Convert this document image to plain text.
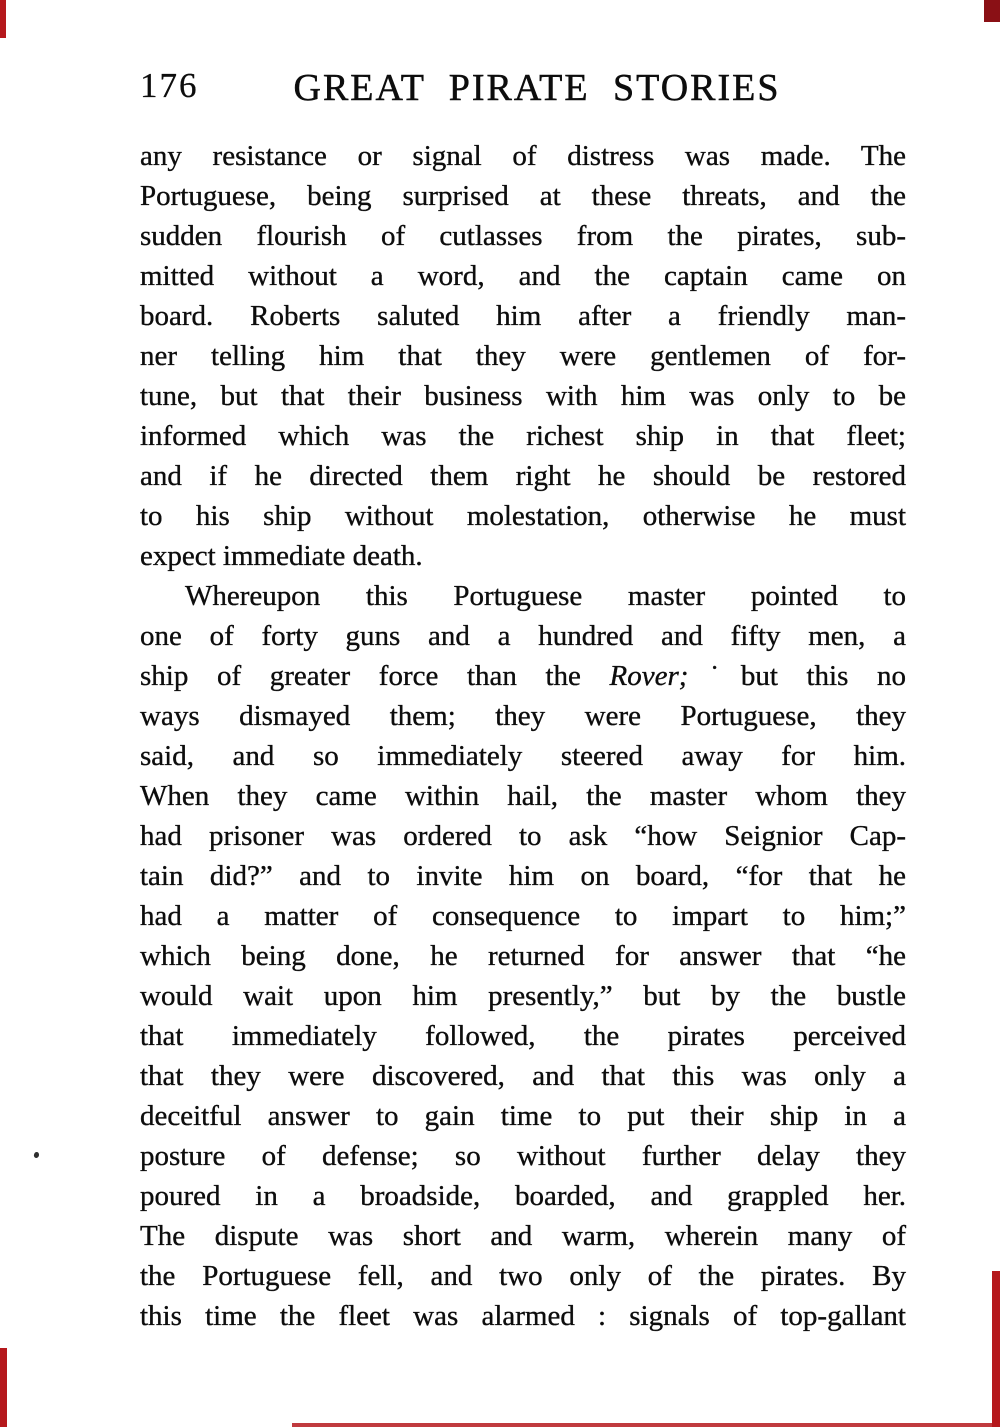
176	GREAT PIRATE STORIES
any resistance or signal of distress was made. The
Portuguese, being surprised at these threats, and the
sudden flourish of cutlasses from the pirates, sub-
mitted without a word, and the captain came on
board. Roberts saluted him after a friendly man-
ner telling him that they were gentlemen of for-
tune, but that their business with him was only to be
informed which was the richest ship in that fleet;
and if he directed them right he should be restored
to his ship without molestation, otherwise he must
expect immediate death.
Whereupon this Portuguese master pointed to
one of forty guns and a hundred and fifty men, a
ship of greater force than the Rover;˙but this no
ways dismayed them; they were Portuguese, they
said, and so immediately steered away for him.
When they came within hail, the master whom they
had prisoner was ordered to ask “how Seignior Cap-
tain did?” and to invite him on board, “for that he
had a matter of consequence to impart to him;”
which being done, he returned for answer that “he
would wait upon him presently,” but by the bustle
that immediately followed, the pirates perceived
that they were discovered, and that this was only a
deceitful answer to gain time to put their ship in a
posture of defense; so without further delay they
poured in a broadside, boarded, and grappled her.
The dispute was short and warm, wherein many of
the Portuguese fell, and two only of the pirates. By
this time the fleet was alarmed : signals of top-gallant
